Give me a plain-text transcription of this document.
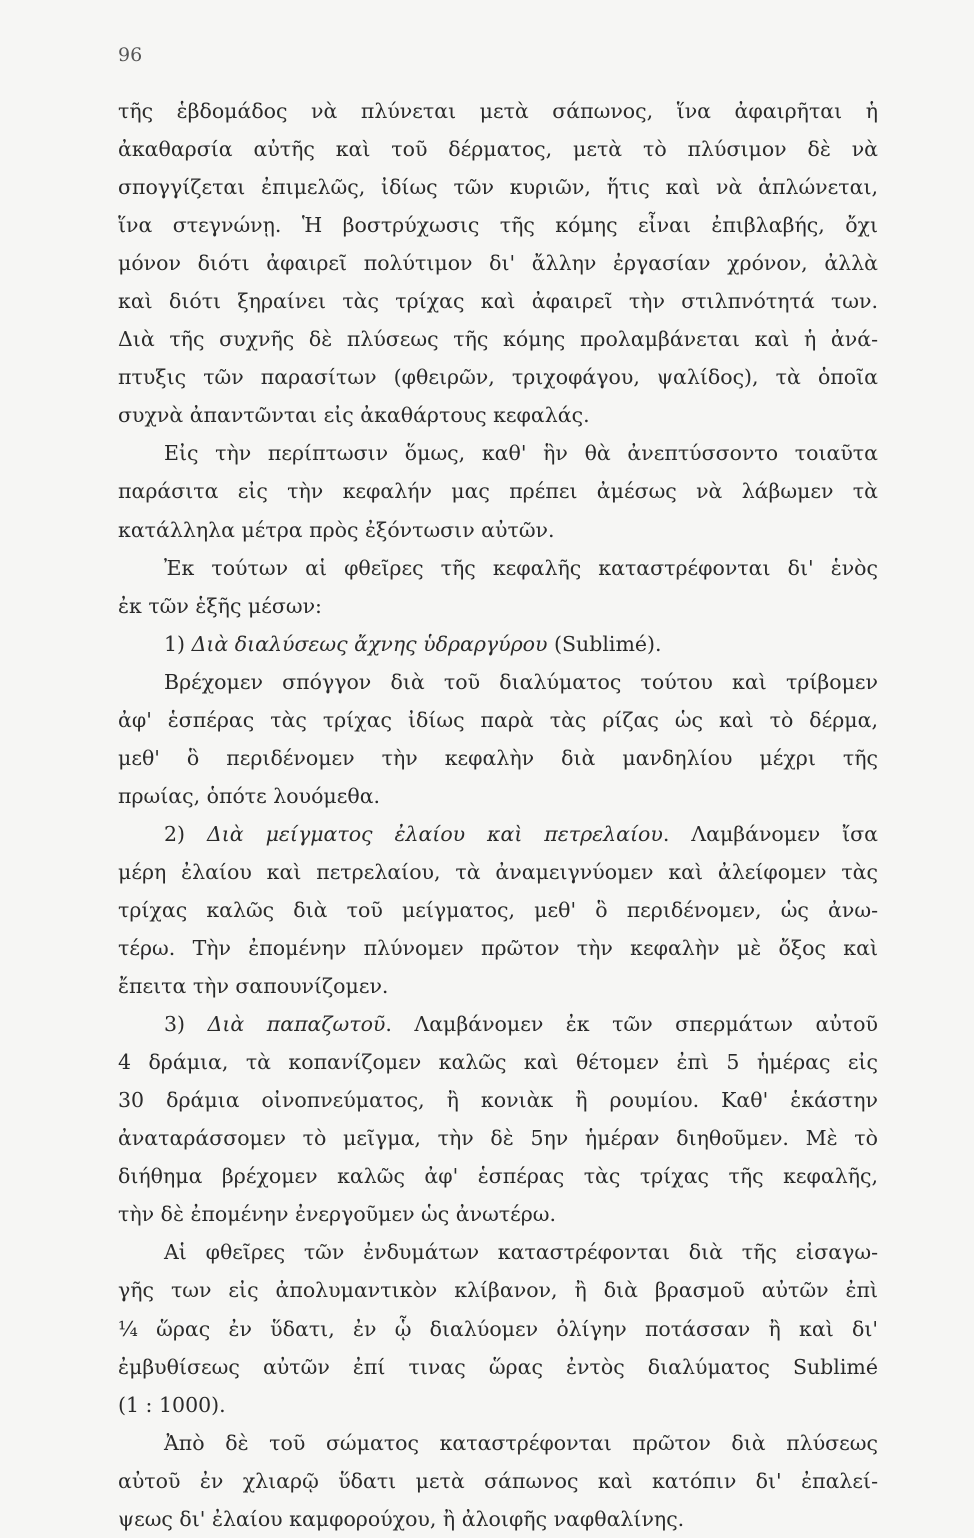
96
τῆς ἑβδομάδος νὰ πλύνεται μετὰ σάπωνος, ἵνα ἀφαιρῆται ἡ
ἀκαθαρσία αὐτῆς καὶ τοῦ δέρματος, μετὰ τὸ πλύσιμον δὲ νὰ
σπογγίζεται ἐπιμελῶς, ἰδίως τῶν κυριῶν, ἥτις καὶ νὰ ἁπλώνεται,
ἵνα στεγνώνῃ. Ἡ βοστρύχωσις τῆς κόμης εἶναι ἐπιβλαβής, ὄχι
μόνον διότι ἀφαιρεῖ πολύτιμον δι' ἄλλην ἐργασίαν χρόνον, ἀλλὰ
καὶ διότι ξηραίνει τὰς τρίχας καὶ ἀφαιρεῖ τὴν στιλπνότητά των.
Διὰ τῆς συχνῆς δὲ πλύσεως τῆς κόμης προλαμβάνεται καὶ ἡ ἀνά-
πτυξις τῶν παρασίτων (φθειρῶν, τριχοφάγου, ψαλίδος), τὰ ὁποῖα
συχνὰ ἀπαντῶνται εἰς ἀκαθάρτους κεφαλάς.
Εἰς τὴν περίπτωσιν ὅμως, καθ' ἣν θὰ ἀνεπτύσσοντο τοιαῦτα
παράσιτα εἰς τὴν κεφαλήν μας πρέπει ἀμέσως νὰ λάβωμεν τὰ
κατάλληλα μέτρα πρὸς ἐξόντωσιν αὐτῶν.
Ἐκ τούτων αἱ φθεῖρες τῆς κεφαλῆς καταστρέφονται δι' ἑνὸς
ἐκ τῶν ἑξῆς μέσων:
1) Διὰ διαλύσεως ἄχνης ὑδραργύρου (Sublimé).
Βρέχομεν σπόγγον διὰ τοῦ διαλύματος τούτου καὶ τρίβομεν
ἀφ' ἑσπέρας τὰς τρίχας ἰδίως παρὰ τὰς ρίζας ὡς καὶ τὸ δέρμα,
μεθ' ὃ περιδένομεν τὴν κεφαλὴν διὰ μανδηλίου μέχρι τῆς
πρωίας, ὁπότε λουόμεθα.
2) Διὰ μείγματος ἐλαίου καὶ πετρελαίου. Λαμβάνομεν ἴσα
μέρη ἐλαίου καὶ πετρελαίου, τὰ ἀναμειγνύομεν καὶ ἀλείφομεν τὰς
τρίχας καλῶς διὰ τοῦ μείγματος, μεθ' ὃ περιδένομεν, ὡς ἀνω-
τέρω. Τὴν ἐπομένην πλύνομεν πρῶτον τὴν κεφαλὴν μὲ ὄξος καὶ
ἔπειτα τὴν σαπουνίζομεν.
3) Διὰ παπαζωτοῦ. Λαμβάνομεν ἐκ τῶν σπερμάτων αὐτοῦ
4 δράμια, τὰ κοπανίζομεν καλῶς καὶ θέτομεν ἐπὶ 5 ἡμέρας εἰς
30 δράμια οἰνοπνεύματος, ἢ κονιὰκ ἢ ρουμίου. Καθ' ἑκάστην
ἀναταράσσομεν τὸ μεῖγμα, τὴν δὲ 5ην ἡμέραν διηθοῦμεν. Μὲ τὸ
διήθημα βρέχομεν καλῶς ἀφ' ἑσπέρας τὰς τρίχας τῆς κεφαλῆς,
τὴν δὲ ἐπομένην ἐνεργοῦμεν ὡς ἀνωτέρω.
Αἱ φθεῖρες τῶν ἐνδυμάτων καταστρέφονται διὰ τῆς εἰσαγω-
γῆς των εἰς ἀπολυμαντικὸν κλίβανον, ἢ διὰ βρασμοῦ αὐτῶν ἐπὶ
¼ ὥρας ἐν ὕδατι, ἐν ᾧ διαλύομεν ὀλίγην ποτάσσαν ἢ καὶ δι'
ἐμβυθίσεως αὐτῶν ἐπί τινας ὥρας ἐντὸς διαλύματος Sublimé
(1 : 1000).
Ἀπὸ δὲ τοῦ σώματος καταστρέφονται πρῶτον διὰ πλύσεως
αὐτοῦ ἐν χλιαρῷ ὕδατι μετὰ σάπωνος καὶ κατόπιν δι' ἐπαλεί-
ψεως δι' ἐλαίου καμφορούχου, ἢ ἀλοιφῆς ναφθαλίνης.
